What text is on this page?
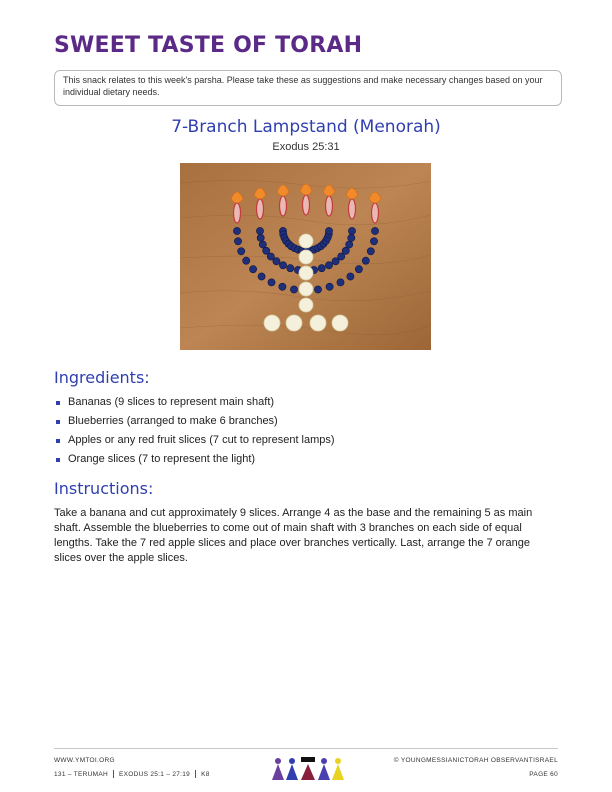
SWEET TASTE OF TORAH
This snack relates to this week's parsha. Please take these as suggestions and make necessary changes based on your individual dietary needs.
7-Branch Lampstand (Menorah)
Exodus 25:31
Ingredients:
Bananas (9 slices to represent main shaft)
Blueberries (arranged to make 6 branches)
Apples or any red fruit slices (7 cut to represent lamps)
Orange slices (7 to represent the light)
Instructions:
Take a banana and cut approximately 9 slices. Arrange 4 as the base and the remaining 5 as main shaft. Assemble the blueberries to come out of main shaft with 3 branches on each side of equal lengths. Take the 7 red apple slices and place over branches vertically. Last, arrange the 7 orange slices over the apple slices.
WWW.YMTOI.ORG
131 – TERUMAH EXODUS 25:1 – 27:19 K8
© YOUNGMESSIANICTORAH OBSERVANTISRAEL
PAGE 60
